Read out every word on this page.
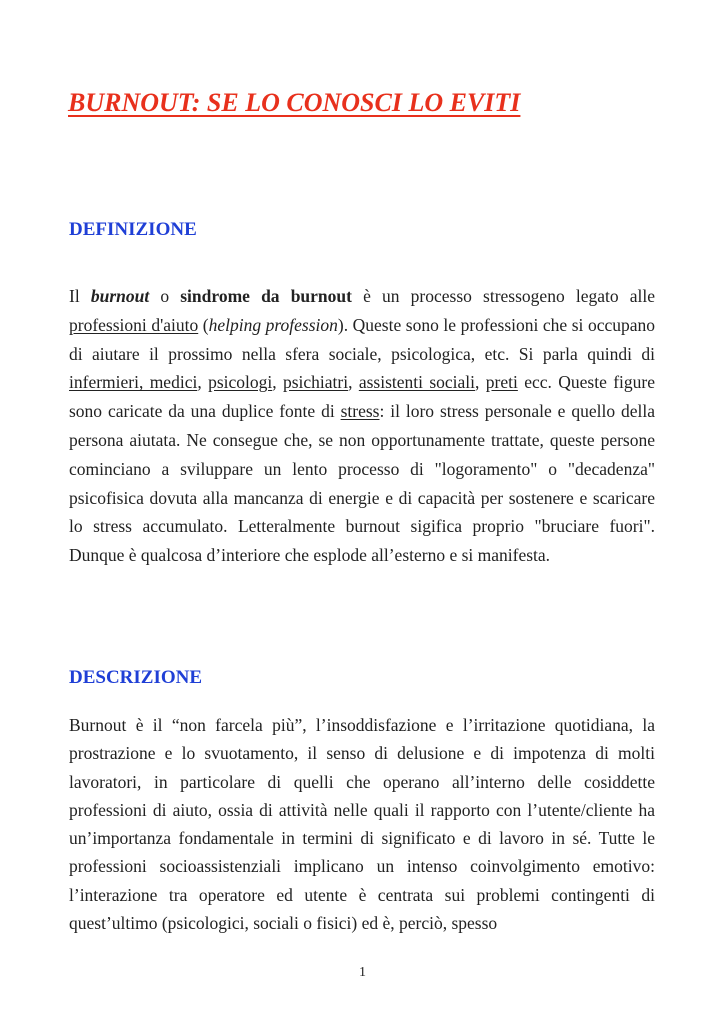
BURNOUT: SE LO CONOSCI LO EVITI
DEFINIZIONE

Il burnout o sindrome da burnout è un processo stressogeno legato alle professioni d'aiuto (helping profession). Queste sono le professioni che si occupano di aiutare il prossimo nella sfera sociale, psicologica, etc. Si parla quindi di infermieri, medici, psicologi, psichiatri, assistenti sociali, preti ecc. Queste figure sono caricate da una duplice fonte di stress: il loro stress personale e quello della persona aiutata. Ne consegue che, se non opportunamente trattate, queste persone cominciano a sviluppare un lento processo di "logoramento" o "decadenza" psicofisica dovuta alla mancanza di energie e di capacità per sostenere e scaricare lo stress accumulato. Letteralmente burnout sigifica proprio "bruciare fuori". Dunque è qualcosa d’interiore che esplode all’esterno e si manifesta.

DESCRIZIONE

Burnout è il “non farcela più”, l’insoddisfazione e l’irritazione quotidiana, la prostrazione e lo svuotamento, il senso di delusione e di impotenza di molti lavoratori, in particolare di quelli che operano all’interno delle cosiddette professioni di aiuto, ossia di attività nelle quali il rapporto con l’utente/cliente ha un’importanza fondamentale in termini di significato e di lavoro in sé. Tutte le professioni socioassistenziali implicano un intenso coinvolgimento emotivo: l’interazione tra operatore ed utente è centrata sui problemi contingenti di quest’ultimo (psicologici, sociali o fisici) ed è, perciò, spesso

1
